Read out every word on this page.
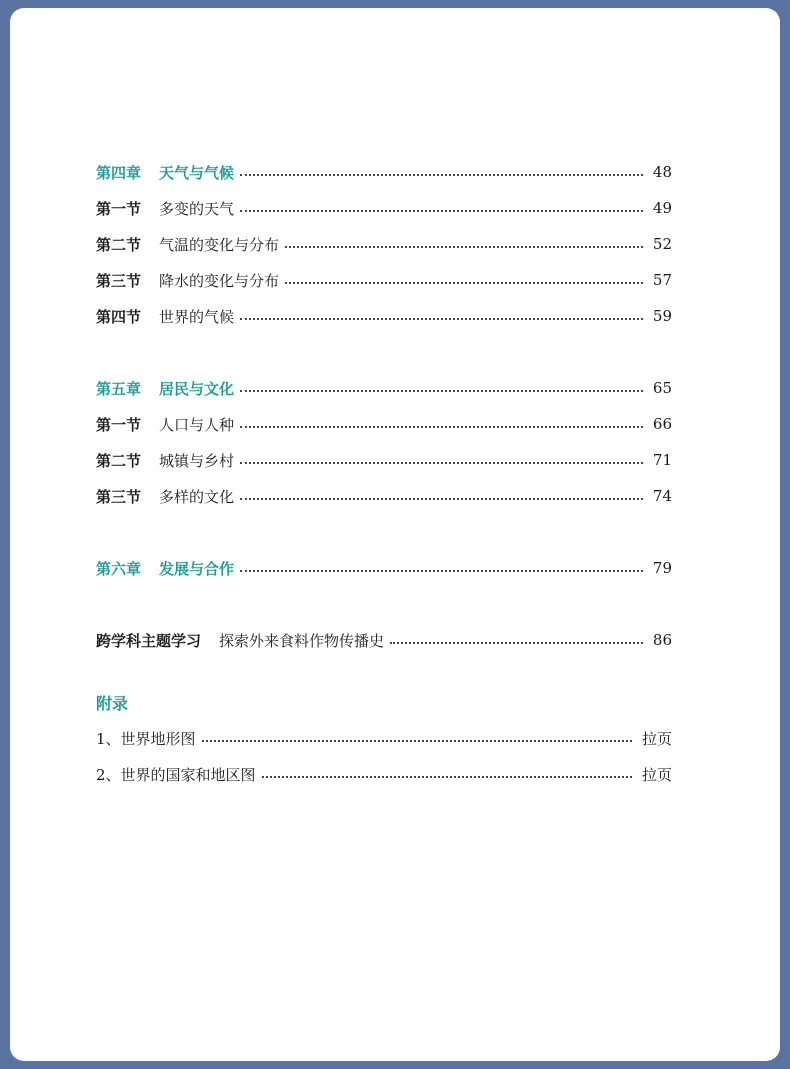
第四章 天气与气候	48
第一节 多变的天气	49
第二节 气温的变化与分布	52
第三节 降水的变化与分布	57
第四节 世界的气候	59
第五章 居民与文化	65
第一节 人口与人种	66
第二节 城镇与乡村	71
第三节 多样的文化	74
第六章 发展与合作	79
跨学科主题学习 探索外来食料作物传播史	86
附录
1、世界地形图	拉页
2、世界的国家和地区图	拉页
